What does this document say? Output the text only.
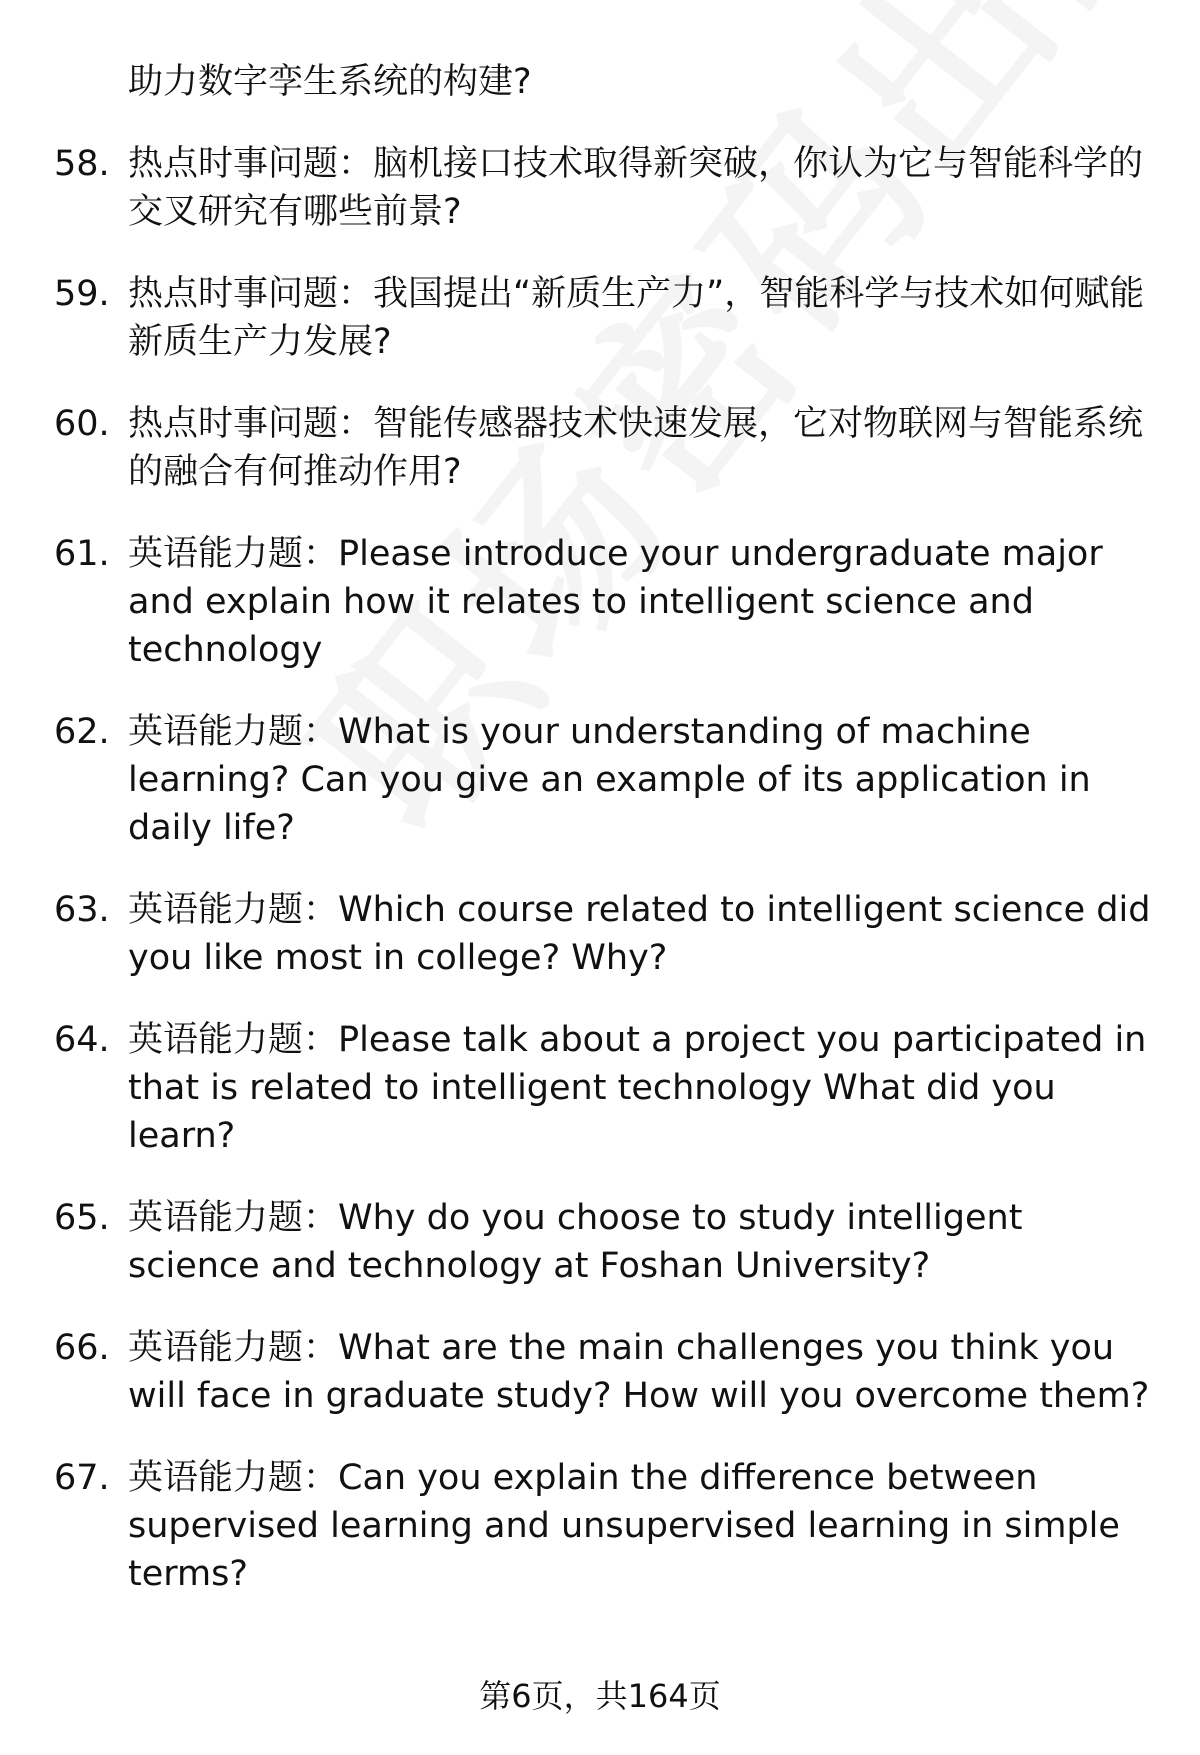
助力数字孪生系统的构建?
58. 热点时事问题：脑机接口技术取得新突破，你认为它与智能科学的交叉研究有哪些前景?
59. 热点时事问题：我国提出“新质生产力”，智能科学与技术如何赋能新质生产力发展?
60. 热点时事问题：智能传感器技术快速发展，它对物联网与智能系统的融合有何推动作用?
61. 英语能力题：Please introduce your undergraduate major and explain how it relates to intelligent science and technology
62. 英语能力题：What is your understanding of machine learning? Can you give an example of its application in daily life?
63. 英语能力题：Which course related to intelligent science did you like most in college? Why?
64. 英语能力题：Please talk about a project you participated in that is related to intelligent technology What did you learn?
65. 英语能力题：Why do you choose to study intelligent science and technology at Foshan University?
66. 英语能力题：What are the main challenges you think you will face in graduate study? How will you overcome them?
67. 英语能力题：Can you explain the difference between supervised learning and unsupervised learning in simple terms?
第6页，共164页
